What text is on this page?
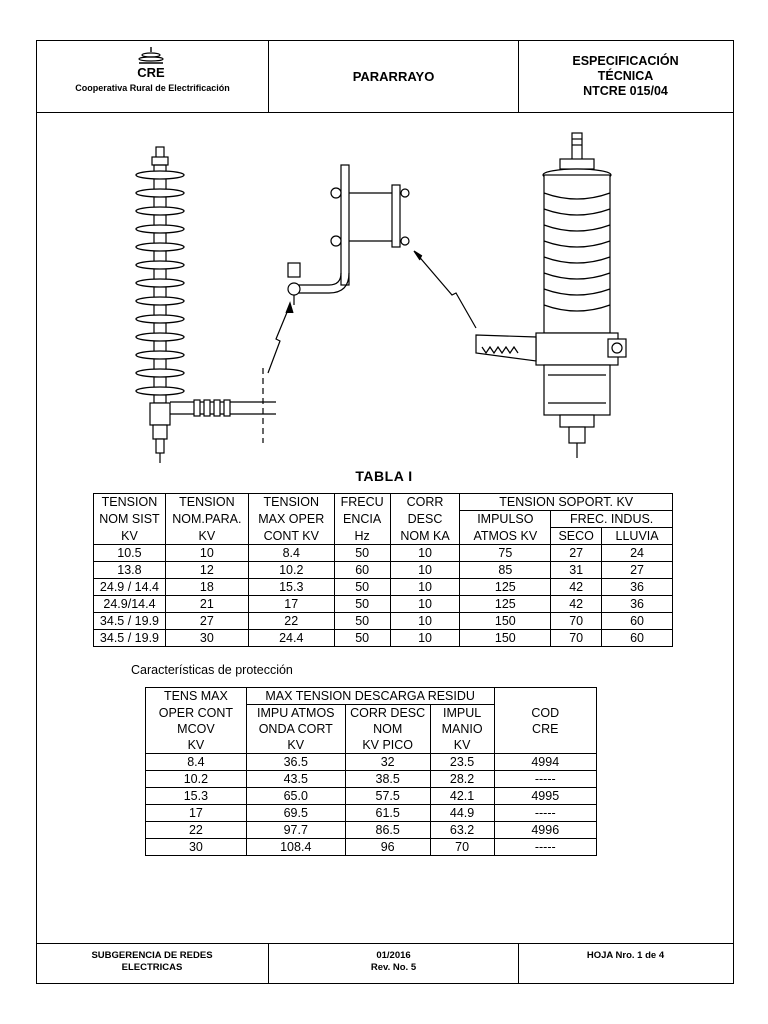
CRE
Cooperativa Rural de Electrificación
PARARRAYO
ESPECIFICACIÓN
TÉCNICA
NTCRE 015/04
TABLA I
TENSION	TENSION	TENSION	FRECU	CORR	TENSION SOPORT. KV		
NOM SIST	NOM.PARA.	MAX OPER	ENCIA	DESC	IMPULSO	FREC. INDUS.	
KV	KV	CONT KV	Hz	NOM KA	ATMOS KV	SECO	LLUVIA
10.5	10	8.4	50	10	75	27	24
13.8	12	10.2	60	10	85	31	27
24.9 / 14.4	18	15.3	50	10	125	42	36
24.9/14.4	21	17	50	10	125	42	36
34.5 / 19.9	27	22	50	10	150	70	60
34.5 / 19.9	30	24.4	50	10	150	70	60
Características de protección
TENS MAX	MAX TENSION DESCARGA RESIDU			
OPER CONT	IMPU ATMOS	CORR DESC	IMPUL	COD
MCOV	ONDA CORT	NOM	MANIO	CRE
KV	KV	KV PICO	KV	
8.4	36.5	32	23.5	4994
10.2	43.5	38.5	28.2	-----
15.3	65.0	57.5	42.1	4995
17	69.5	61.5	44.9	-----
22	97.7	86.5	63.2	4996
30	108.4	96	70	-----
SUBGERENCIA DE REDES
ELECTRICAS
01/2016
Rev. No. 5
HOJA Nro. 1 de 4
